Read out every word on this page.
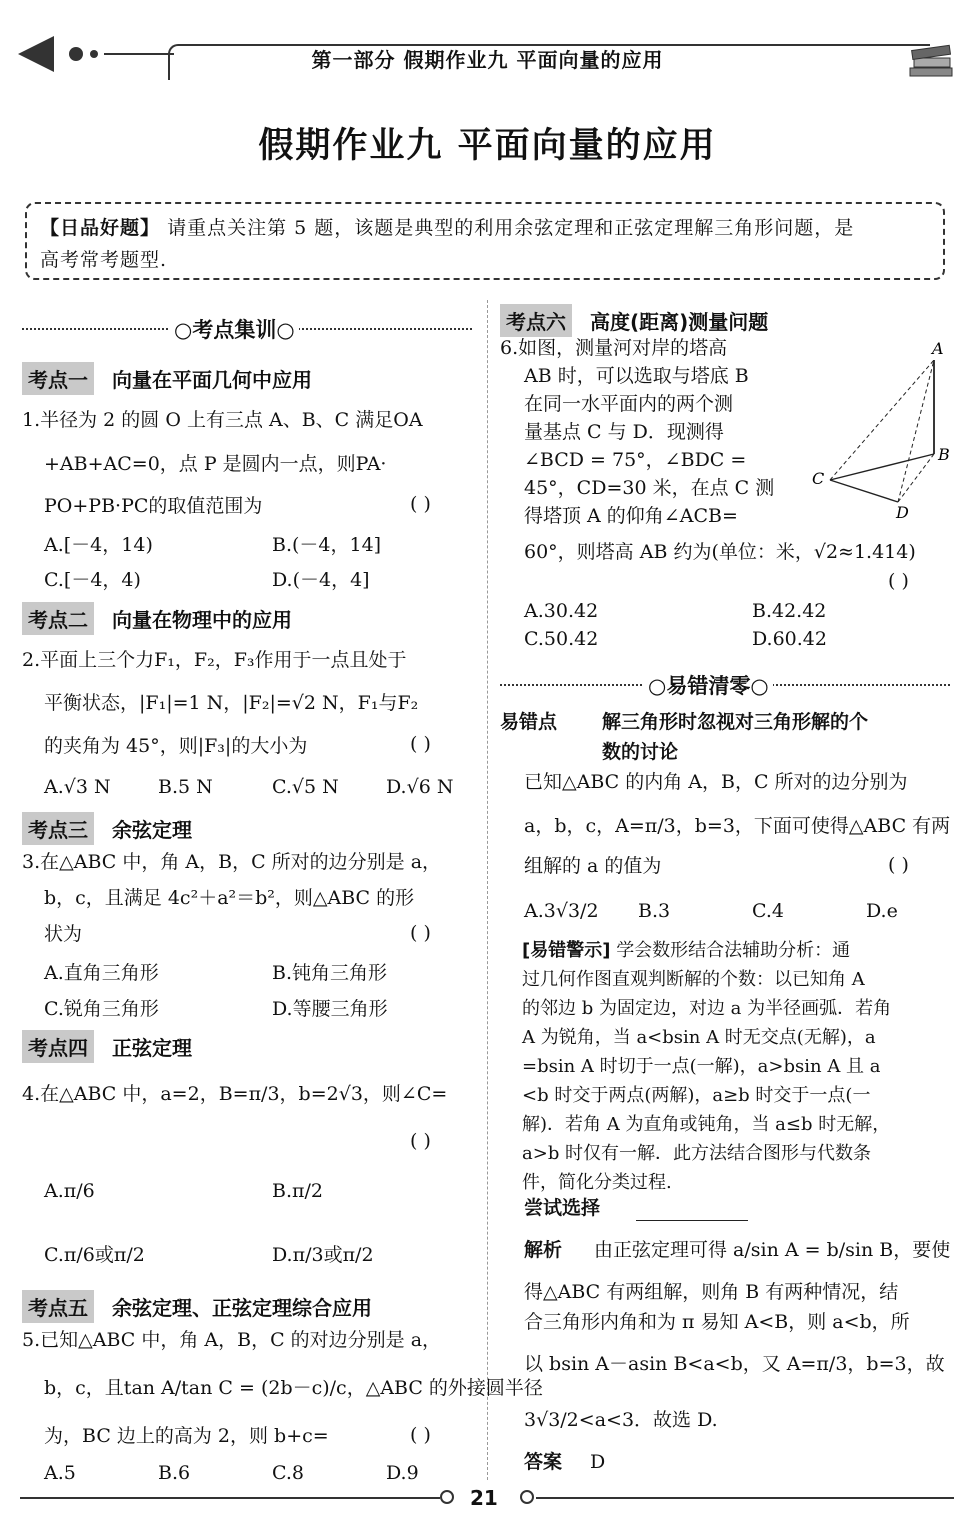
第一部分 假期作业九 平面向量的应用
假期作业九 平面向量的应用
【日品好题】 请重点关注第 5 题，该题是典型的利用余弦定理和正弦定理解三角形问题，是
高考常考题型.
○考点集训○
考点一 向量在平面几何中应用
1.半径为 2 的圆 O 上有三点 A、B、C 满足OA
+AB+AC=0，点 P 是圆内一点，则PA·
PO+PB·PC的取值范围为	( )
A.[－4，14)	B.(－4，14]
C.[－4，4)	D.(－4，4]
考点二 向量在物理中的应用
2.平面上三个力F₁，F₂，F₃作用于一点且处于
平衡状态，|F₁|=1 N，|F₂|=√2 N，F₁与F₂
的夹角为 45°，则|F₃|的大小为	( )
A.√3 N B.5 N	C.√5 N D.√6 N
考点三 余弦定理
3.在△ABC 中，角 A，B，C 所对的边分别是 a，
b，c，且满足 4c²＋a²＝b²，则△ABC 的形
状为	( )
A.直角三角形	B.钝角三角形
C.锐角三角形	D.等腰三角形
考点四 正弦定理
4.在△ABC 中，a=2，B=π/3，b=2√3，则∠C=
( )
A.π/6	B.π/2
C.π/6或π/2	D.π/3或π/2
考点五 余弦定理、正弦定理综合应用
5.已知△ABC 中，角 A，B，C 的对边分别是 a，
b，c，且tan A/tan C = (2b－c)/c，△ABC 的外接圆半径
为，BC 边上的高为 2，则 b+c=	( )
A.5	B.6	C.8	D.9
考点六 高度(距离)测量问题
6.如图，测量河对岸的塔高
AB 时，可以选取与塔底 B
在同一水平面内的两个测
量基点 C 与 D．现测得
∠BCD = 75°，∠BDC =
45°，CD=30 米，在点 C 测
得塔顶 A 的仰角∠ACB=
60°，则塔高 AB 约为(单位：米，√2≈1.414)
( )
A
B
C
D
A.30.42	B.42.42
C.50.42	D.60.42
○易错清零○
易错点 解三角形时忽视对三角形解的个
数的讨论
已知△ABC 的内角 A，B，C 所对的边分别为
a，b，c，A=π/3，b=3，下面可使得△ABC 有两
组解的 a 的值为	( )
A.3√3/2 B.3	C.4	D.e
[易错警示] 学会数形结合法辅助分析：通
过几何作图直观判断解的个数：以已知角 A
的邻边 b 为固定边，对边 a 为半径画弧．若角
A 为锐角，当 a<bsin A 时无交点(无解)，a
=bsin A 时切于一点(一解)，a>bsin A 且 a
<b 时交于两点(两解)，a≥b 时交于一点(一
解)．若角 A 为直角或钝角，当 a≤b 时无解，
a>b 时仅有一解．此方法结合图形与代数条
件，简化分类过程.
尝试选择
解析 由正弦定理可得 a/sin A = b/sin B，要使
得△ABC 有两组解，则角 B 有两种情况，结
合三角形内角和为 π 易知 A<B，则 a<b，所
以 bsin A－asin B<a<b，又 A=π/3，b=3，故
3√3/2<a<3．故选 D.
答案 D
21
